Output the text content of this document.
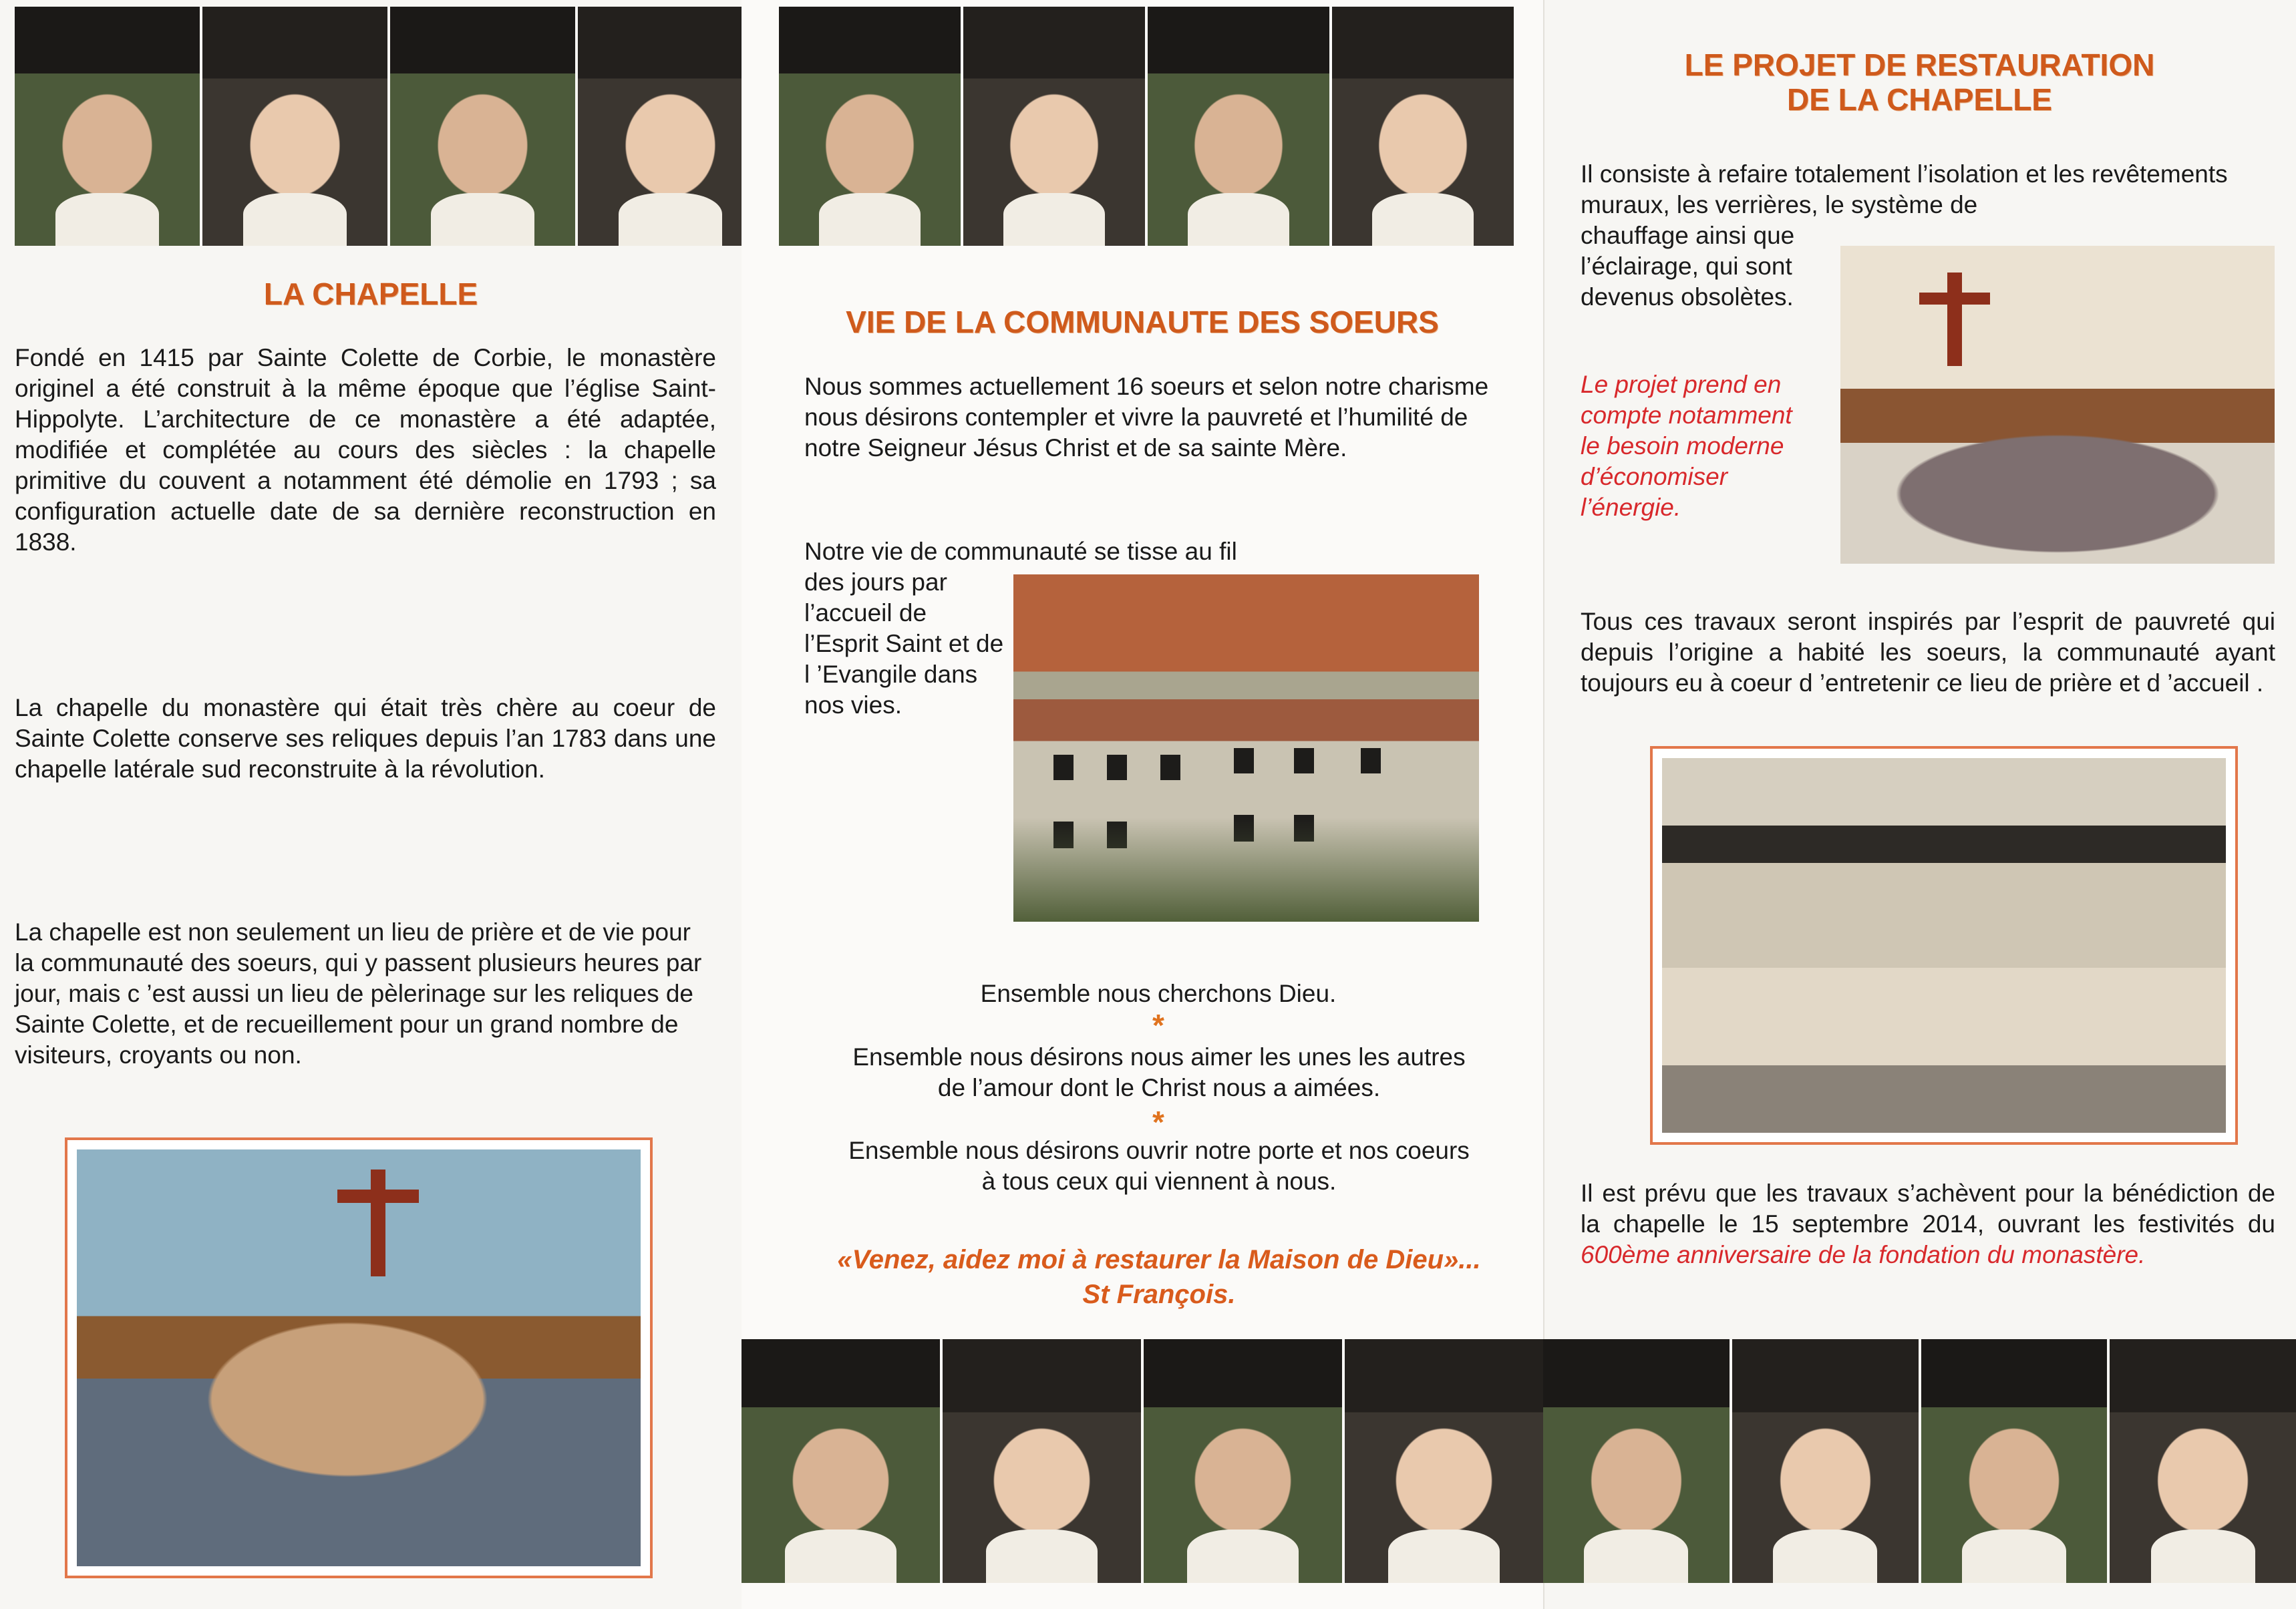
LA CHAPELLE

Fondé en 1415 par Sainte Colette de Corbie, le monastère originel a été construit à la même époque que l’église Saint-Hippolyte. L’architecture de ce monastère a été adaptée, modifiée et complétée au cours des siècles : la chapelle primitive du couvent a notamment été démolie en 1793 ; sa configuration actuelle date de sa dernière reconstruction en 1838.

La chapelle du monastère qui était très chère au coeur de Sainte Colette conserve ses reliques depuis l’an 1783 dans une chapelle latérale sud reconstruite à la révolution.

La chapelle est non seulement un lieu de prière et de vie pour la communauté des soeurs, qui y passent plusieurs heures par jour, mais c ’est aussi un lieu de pèlerinage sur les reliques de Sainte Colette, et de recueillement pour un grand nombre de visiteurs, croyants ou non.

VIE DE LA COMMUNAUTE DES SOEURS

Nous sommes actuellement 16 soeurs et selon notre charisme nous désirons contempler et vivre la pauvreté et l’humilité de notre Seigneur Jésus Christ et de sa sainte Mère.

Notre vie de communauté se tisse au fil

des jours par l’accueil de l’Esprit Saint et de l ’Evangile dans nos vies.

Ensemble nous cherchons Dieu.

*

Ensemble nous désirons nous aimer les unes les autres de l’amour dont le Christ nous a aimées.

*

Ensemble nous désirons ouvrir notre porte et nos coeurs à tous ceux qui viennent à nous.

«Venez, aidez moi à restaurer la Maison de Dieu»... St François.

LE PROJET DE RESTAURATION
DE LA CHAPELLE

Il consiste à refaire totalement l’isolation et les revêtements muraux, les verrières, le système de

chauffage ainsi que l’éclairage, qui sont devenus obsolètes.

Le projet prend en compte notamment le besoin moderne d’économiser l’énergie.

Tous ces travaux seront inspirés par l’esprit de pauvreté qui depuis l’origine a habité les soeurs, la communauté ayant toujours eu à coeur d ’entretenir ce lieu de prière et d ’accueil .

Il est prévu que les travaux s’achèvent pour la bénédiction de la chapelle le 15 septembre 2014, ouvrant les festivités du 600ème anniversaire de la fondation du monastère.
